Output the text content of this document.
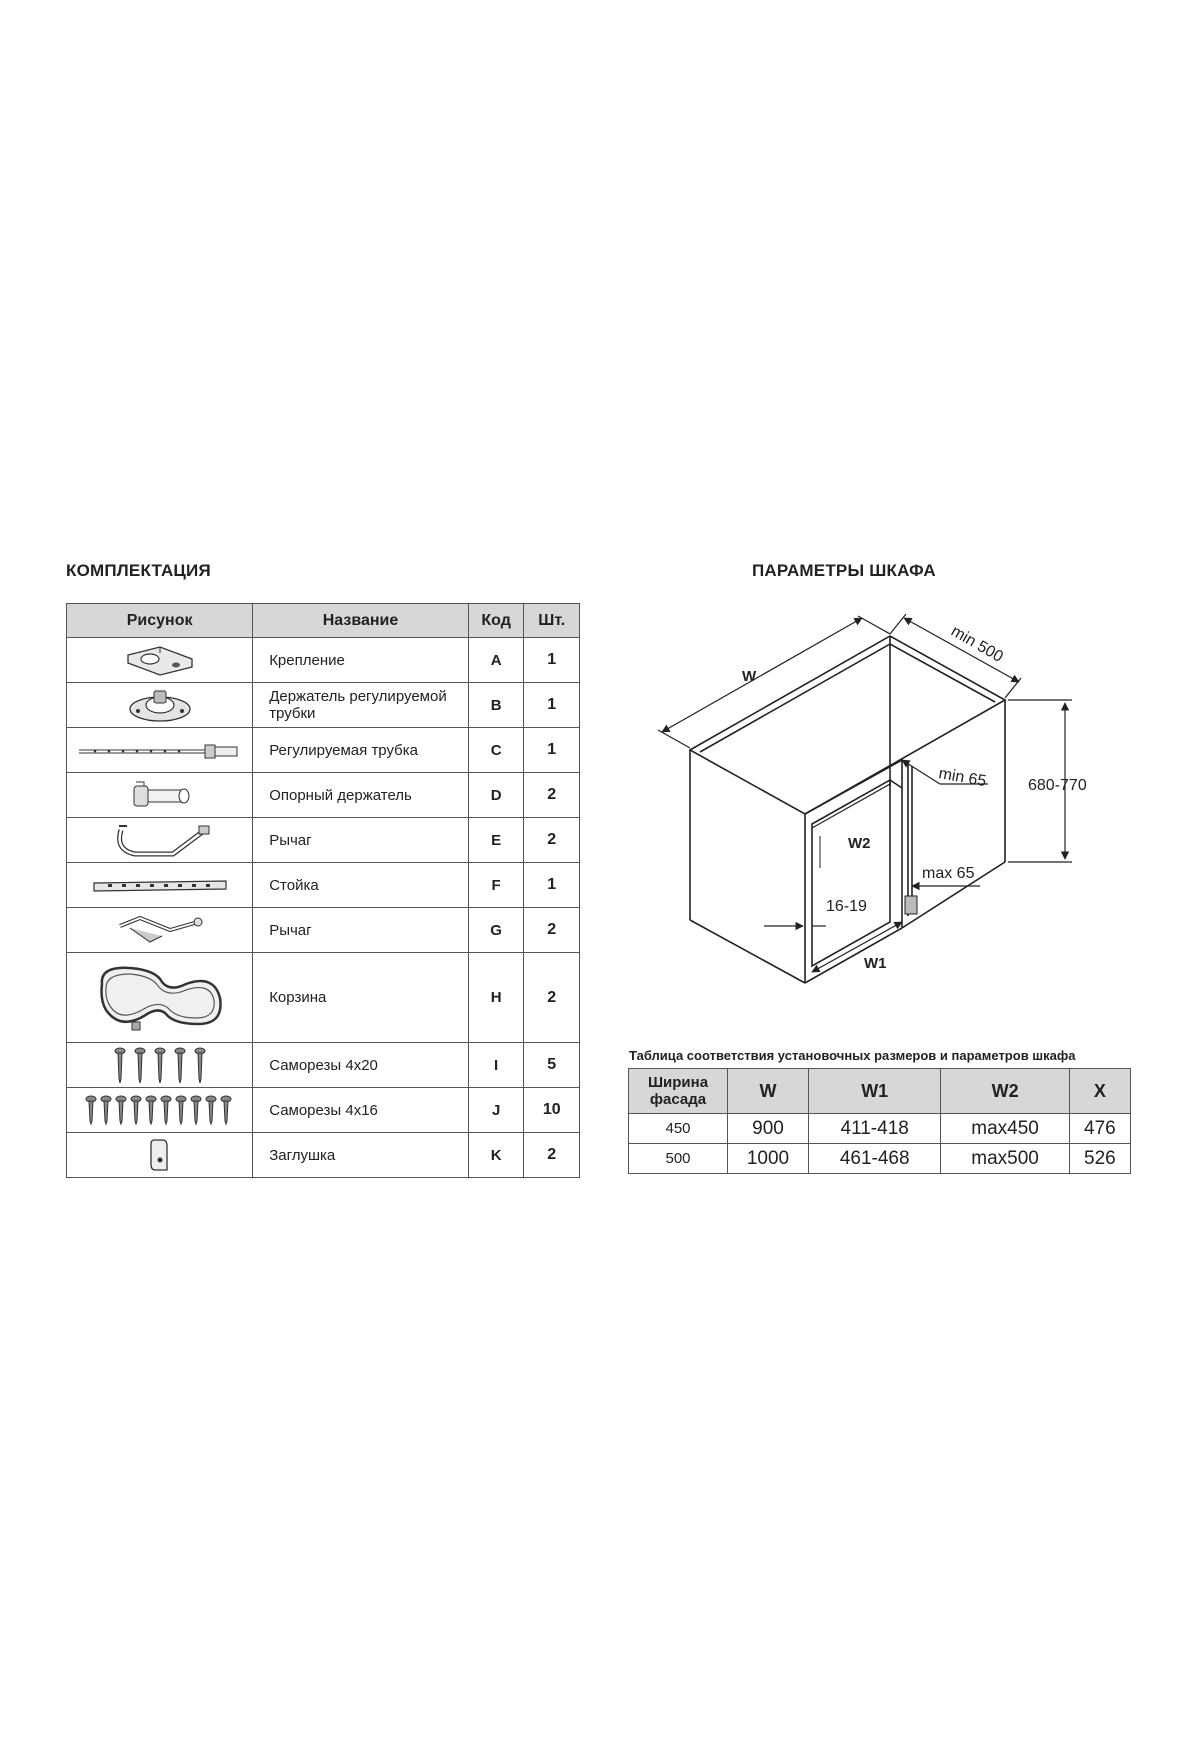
КОМПЛЕКТАЦИЯ
Рисунок	Название	Код	Шт.

	Крепление	A	1

	Держатель регулируемой трубки	B	1

	Регулируемая трубка	C	1

	Опорный держатель	D	2

	Рычаг	E	2

	Стойка	F	1

	Рычаг	G	2

	Корзина	H	2

	Саморезы 4x20	I	5

	Саморезы 4x16	J	10

	Заглушка	K	2
ПАРАМЕТРЫ ШКАФА
W
min 500
680-770
min 65
max 65
W2
16-19
W1
Таблица соответствия установочных размеров и параметров шкафа
Ширина фасада	W	W1	W2	X
450	900	411-418	max450	476
500	1000	461-468	max500	526
